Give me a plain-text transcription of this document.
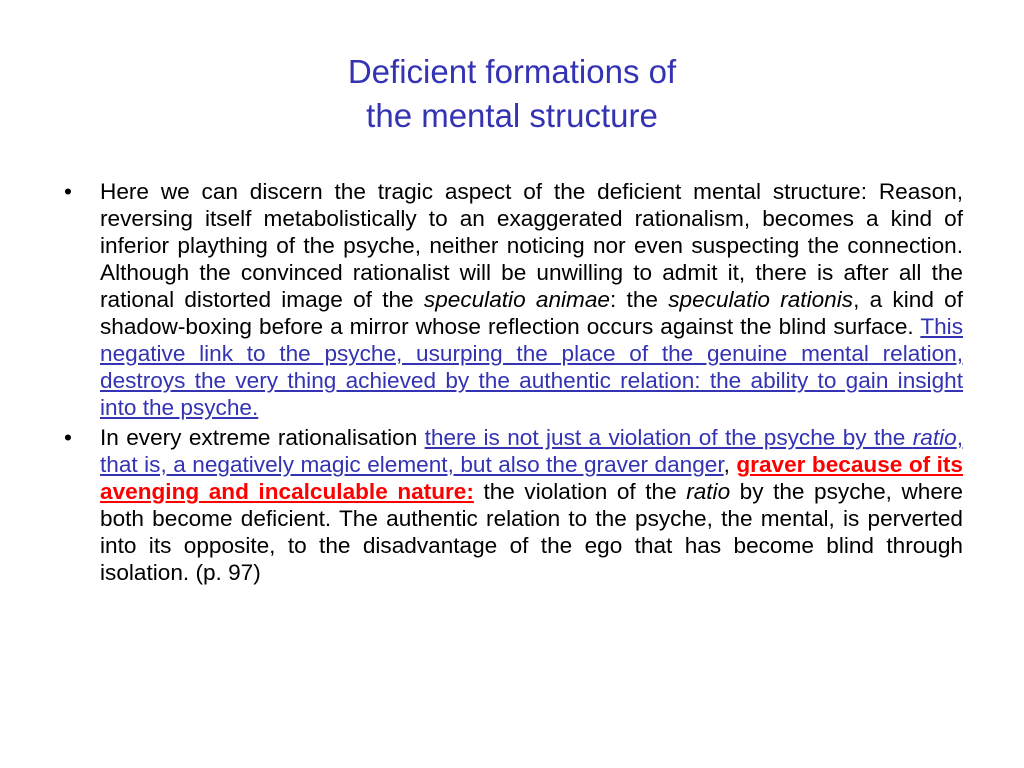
Deficient formations of
the mental structure
• Here we can discern the tragic aspect of the deficient mental structure: Reason, reversing itself metabolistically to an exaggerated rationalism, becomes a kind of inferior plaything of the psyche, neither noticing nor even suspecting the connection. Although the convinced rationalist will be unwilling to admit it, there is after all the rational distorted image of the speculatio animae: the speculatio rationis, a kind of shadow-boxing before a mirror whose reflection occurs against the blind surface. This negative link to the psyche, usurping the place of the genuine mental relation, destroys the very thing achieved by the authentic relation: the ability to gain insight into the psyche.
• In every extreme rationalisation there is not just a violation of the psyche by the ratio, that is, a negatively magic element, but also the graver danger, graver because of its avenging and incalculable nature: the violation of the ratio by the psyche, where both become deficient. The authentic relation to the psyche, the mental, is perverted into its opposite, to the disadvantage of the ego that has become blind through isolation. (p. 97)
